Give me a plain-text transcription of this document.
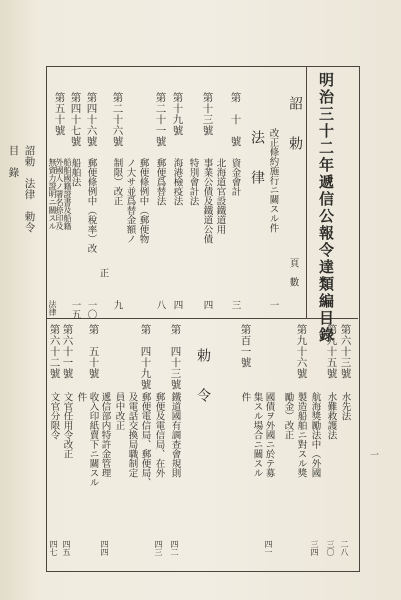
目　錄 詔勅　法律　勅令	明治三十二年遞信公報令達類編目錄
詔　勅
改正條約施行ニ關スル件
一
頁　數
法　律
第　十　號
北海道官設鐵道用 資金會計
三
第十三號
事業公債及鐵道公債
特別會計法
四
第十九號
海港檢疫法
四
第二十一號
郵便爲替法
八
第二十六號
郵便條例中（郵便物
ノ大サ並爲替金額ノ
制限）改正
九
第四十六號
郵便條例中（稅率）改
正
一〇
第四十七號
船舶法
一五
第五十號
船舶國籍證書及船籍
外國人ノ署名捺印及
無資力證明ニ關スル
法律
第六十三號
水先法
二八
第九十五號
水難救護法
三〇
第九十六號
航海獎勵法中（外國
製造船舶ニ對スル獎
勵金）改正
三四
第百一號
國債ヲ外國ニ於テ募
集スル場合ニ關スル
件
四一
勅　令
第　四十三號
鐵道國有調查會規則
四二
第　四十九號
郵便及電信局、在外
郵便電信局、郵便局、
及電話交換局職制定
員中改正
四三
第　五十號
遞信部内特許金管理
收入印紙賣下ニ關スル
件
四四
第六十一號
文官任用令改正
四五
第六十二號
文官分限令
四七
一
